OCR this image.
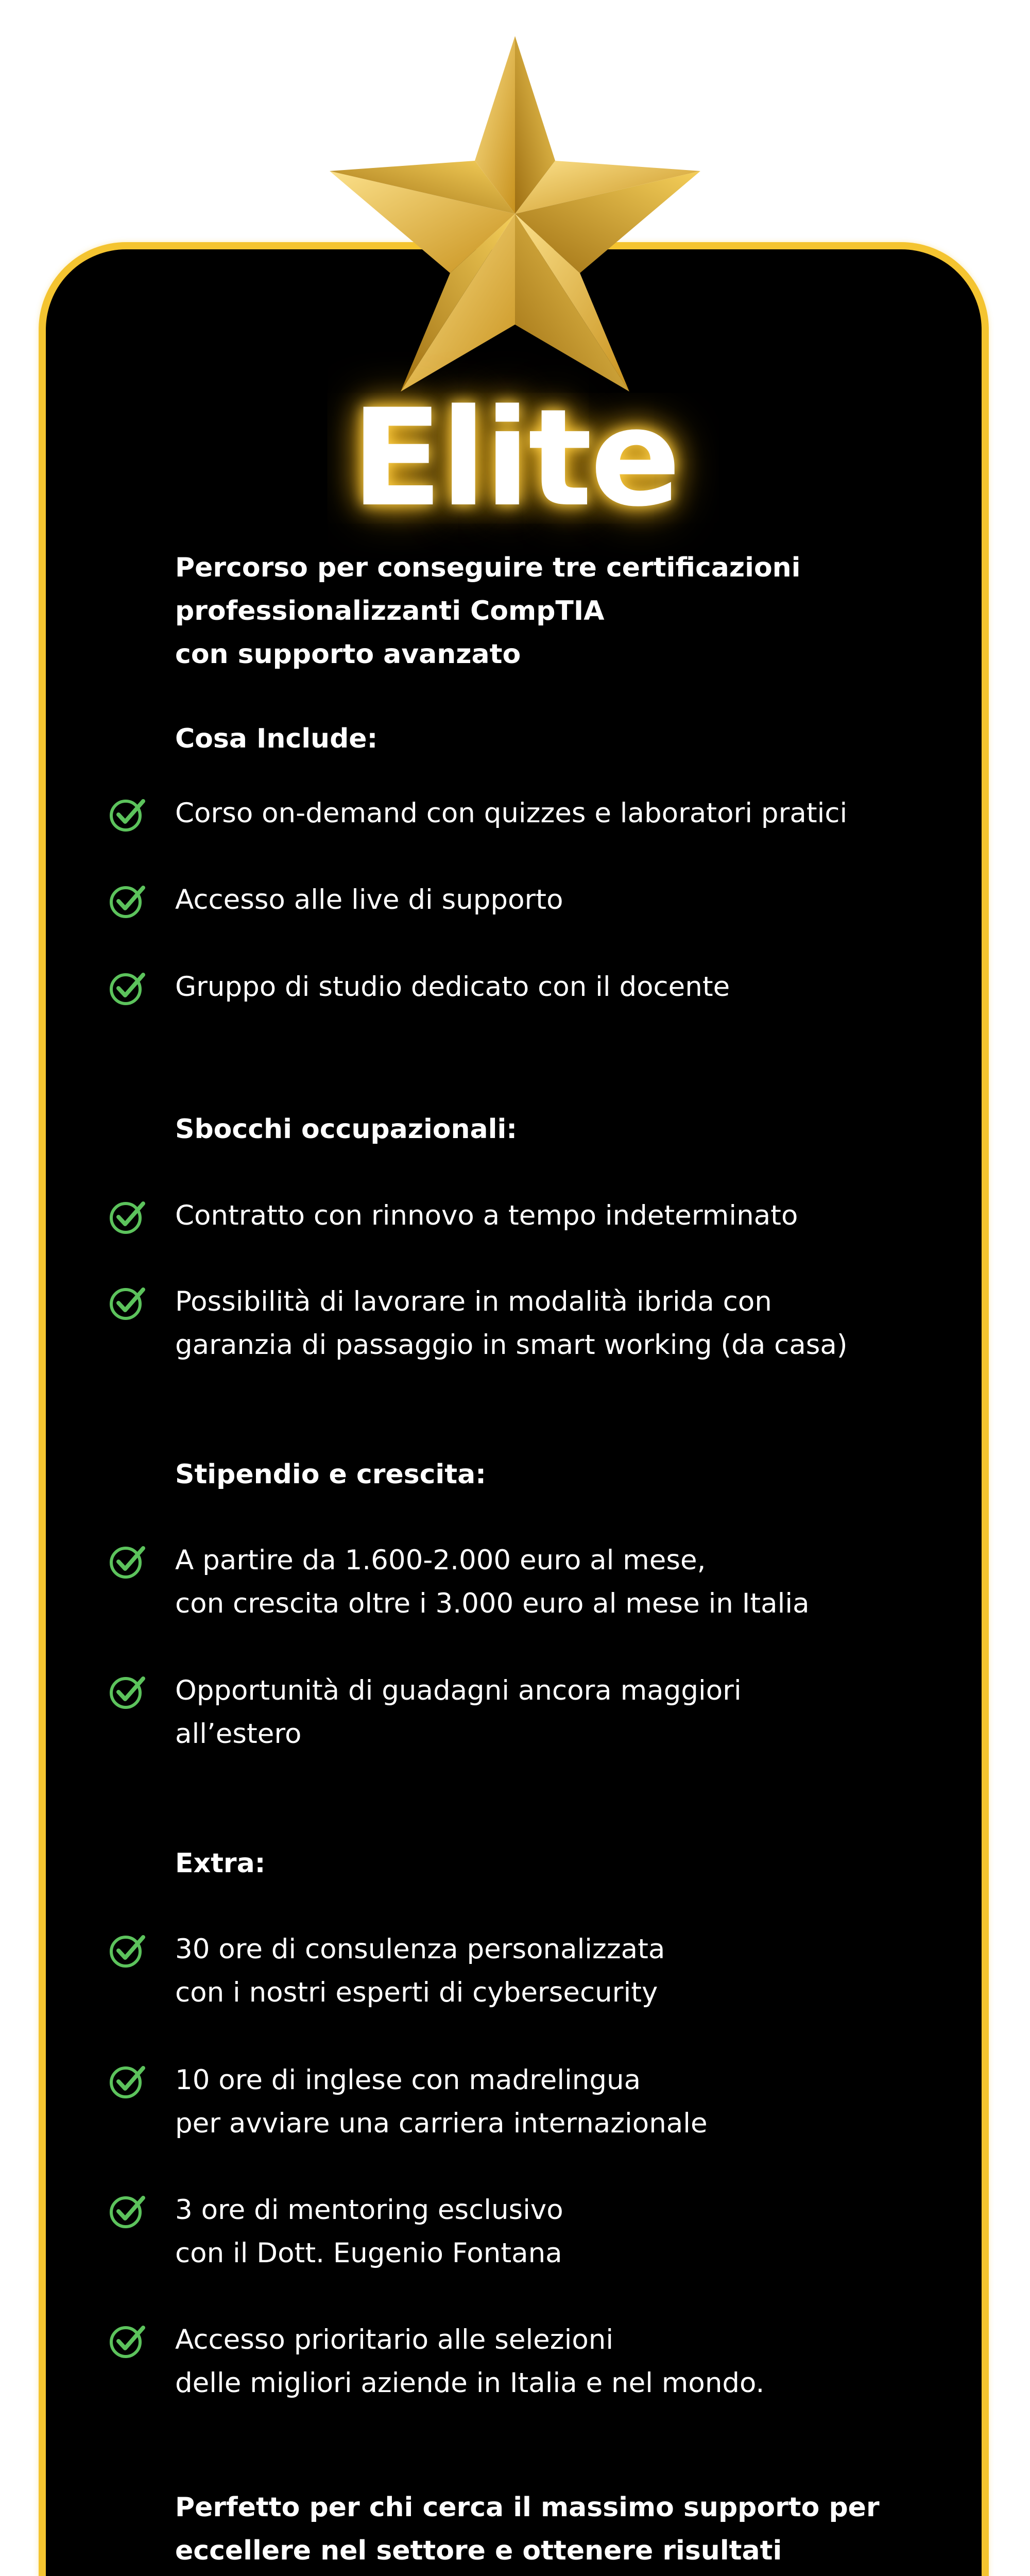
Elite
Percorso per conseguire tre certificazioni
professionalizzanti CompTIA
con supporto avanzato
Cosa Include:
Corso on-demand con quizzes e laboratori pratici
Accesso alle live di supporto
Gruppo di studio dedicato con il docente
Sbocchi occupazionali:
Contratto con rinnovo a tempo indeterminato
Possibilità di lavorare in modalità ibrida con
garanzia di passaggio in smart working (da casa)
Stipendio e crescita:
A partire da 1.600-2.000 euro al mese,
con crescita oltre i 3.000 euro al mese in Italia
Opportunità di guadagni ancora maggiori
all’estero
Extra:
30 ore di consulenza personalizzata
con i nostri esperti di cybersecurity
10 ore di inglese con madrelingua
per avviare una carriera internazionale
3 ore di mentoring esclusivo
con il Dott. Eugenio Fontana
Accesso prioritario alle selezioni
delle migliori aziende in Italia e nel mondo.
Perfetto per chi cerca il massimo supporto per
eccellere nel settore e ottenere risultati
